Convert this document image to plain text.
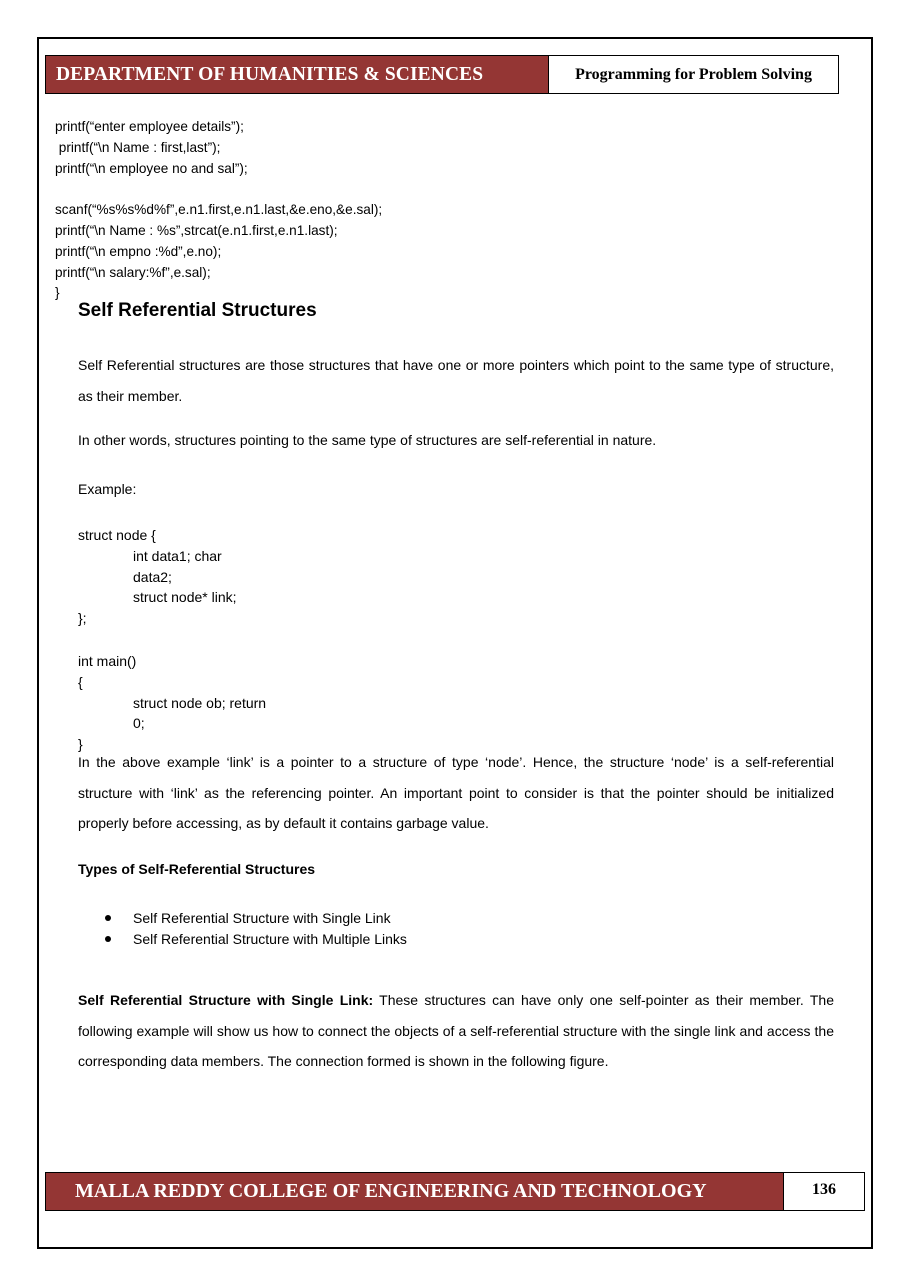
DEPARTMENT OF HUMANITIES & SCIENCES	Programming for Problem Solving
printf(“enter employee details”);
printf(“\n Name : first,last”);
printf(“\n employee no and sal”);
scanf(“%s%s%d%f”,e.n1.first,e.n1.last,&e.eno,&e.sal);
printf(“\n Name : %s”,strcat(e.n1.first,e.n1.last);
printf(“\n empno :%d”,e.no);
printf(“\n salary:%f”,e.sal);
}
Self Referential Structures
Self Referential structures are those structures that have one or more pointers which point to the same type of structure, as their member.
In other words, structures pointing to the same type of structures are self-referential in nature.
Example:
struct node {
int data1; char
data2;
struct node* link;
};
int main()
{
struct node ob; return
0;
}
In the above example ‘link’ is a pointer to a structure of type ‘node’. Hence, the structure ‘node’ is a self-referential structure with ‘link’ as the referencing pointer. An important point to consider is that the pointer should be initialized properly before accessing, as by default it contains garbage value.
Types of Self-Referential Structures
Self Referential Structure with Single Link
Self Referential Structure with Multiple Links
Self Referential Structure with Single Link: These structures can have only one self-pointer as their member. The following example will show us how to connect the objects of a self-referential structure with the single link and access the corresponding data members. The connection formed is shown in the following figure.
MALLA REDDY COLLEGE OF ENGINEERING AND TECHNOLOGY	136
